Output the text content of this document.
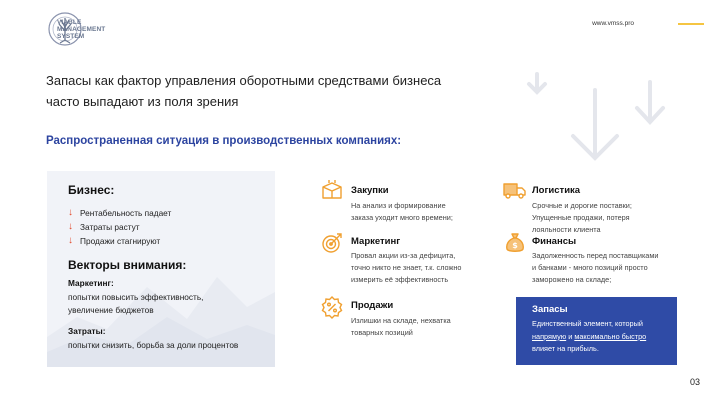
VIABLE
MANAGEMENT
SYSTEM
www.vmss.pro
Запасы как фактор управления оборотными средствами бизнеса
часто выпадают из поля зрения
Распространенная ситуация в производственных компаниях:
Бизнес:
↓ Рентабельность падает
↓ Затраты растут
↓ Продажи стагнируют
Векторы внимания:
Маркетинг:
попытки повысить эффективность,
увеличение бюджетов
Затраты:
попытки снизить, борьба за доли процентов
Закупки
На анализ и формирование
заказа уходит много времени;
Маркетинг
Провал акции из-за дефицита,
точно никто не знает, т.к. сложно
измерить её эффективность
Продажи
Излишки на складе, нехватка
товарных позиций
Логистика
Срочные и дорогие поставки;
Упущенные продажи, потеря
лояльности клиента
$ Финансы
Задолженность перед поставщиками
и банками - много позиций просто
заморожено на складе;
Запасы
Единственный элемент, который
напрямую и максимально быстро
влияет на прибыль.
03
